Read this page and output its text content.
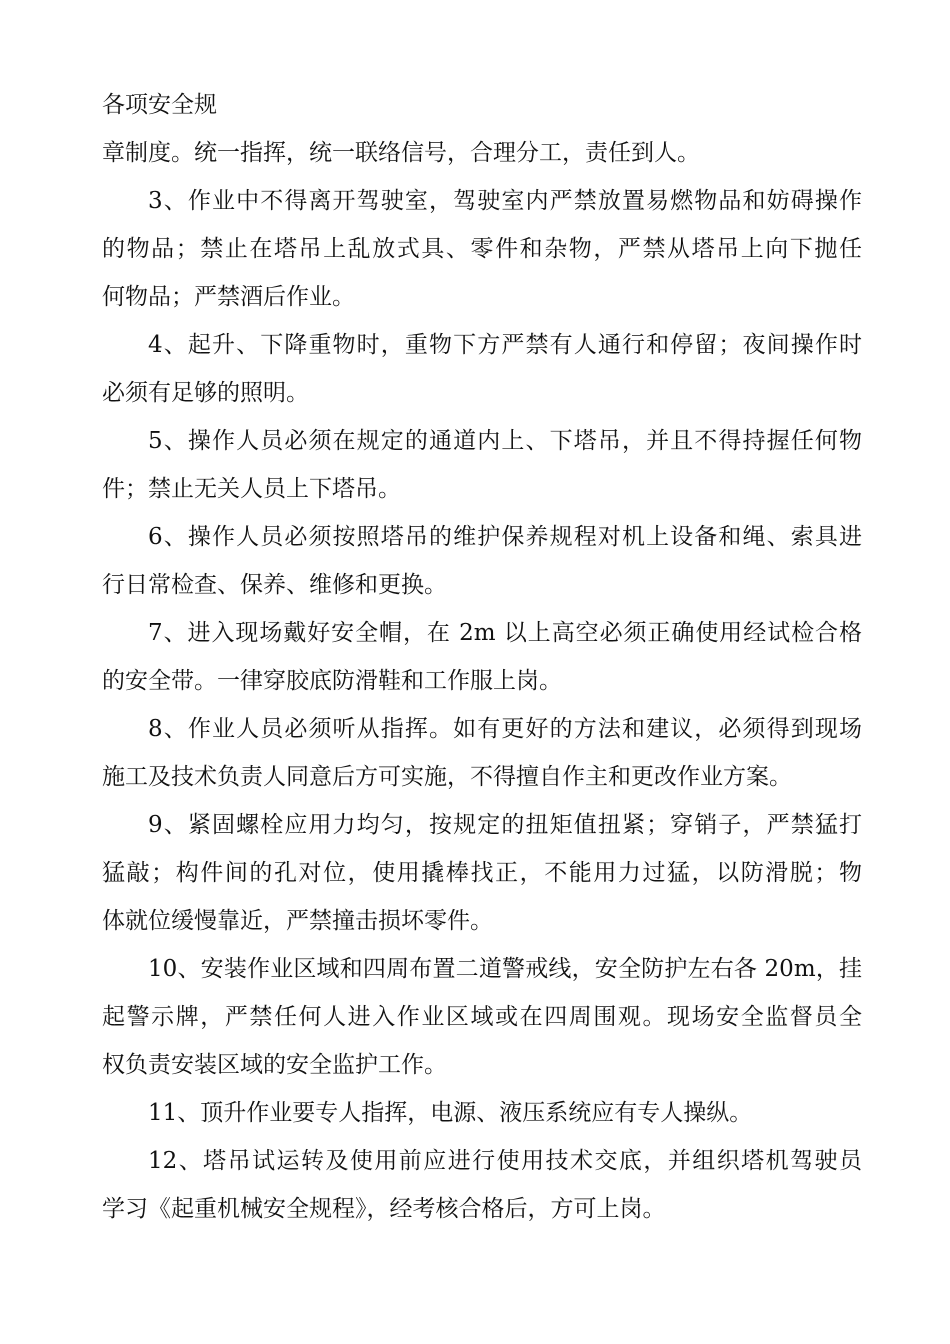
各项安全规
章制度。统一指挥，统一联络信号，合理分工，责任到人。
3、作业中不得离开驾驶室，驾驶室内严禁放置易燃物品和妨碍操作
的物品；禁止在塔吊上乱放式具、零件和杂物，严禁从塔吊上向下抛任
何物品；严禁酒后作业。
4、起升、下降重物时，重物下方严禁有人通行和停留；夜间操作时
必须有足够的照明。
5、操作人员必须在规定的通道内上、下塔吊，并且不得持握任何物
件；禁止无关人员上下塔吊。
6、操作人员必须按照塔吊的维护保养规程对机上设备和绳、索具进
行日常检查、保养、维修和更换。
7、进入现场戴好安全帽，在 2m 以上高空必须正确使用经试检合格
的安全带。一律穿胶底防滑鞋和工作服上岗。
8、作业人员必须听从指挥。如有更好的方法和建议，必须得到现场
施工及技术负责人同意后方可实施，不得擅自作主和更改作业方案。
9、紧固螺栓应用力均匀，按规定的扭矩值扭紧；穿销子，严禁猛打
猛敲；构件间的孔对位，使用撬棒找正，不能用力过猛，以防滑脱；物
体就位缓慢靠近，严禁撞击损坏零件。
10、安装作业区域和四周布置二道警戒线，安全防护左右各 20m，挂
起警示牌，严禁任何人进入作业区域或在四周围观。现场安全监督员全
权负责安装区域的安全监护工作。
11、顶升作业要专人指挥，电源、液压系统应有专人操纵。
12、塔吊试运转及使用前应进行使用技术交底，并组织塔机驾驶员
学习《起重机械安全规程》，经考核合格后，方可上岗。
